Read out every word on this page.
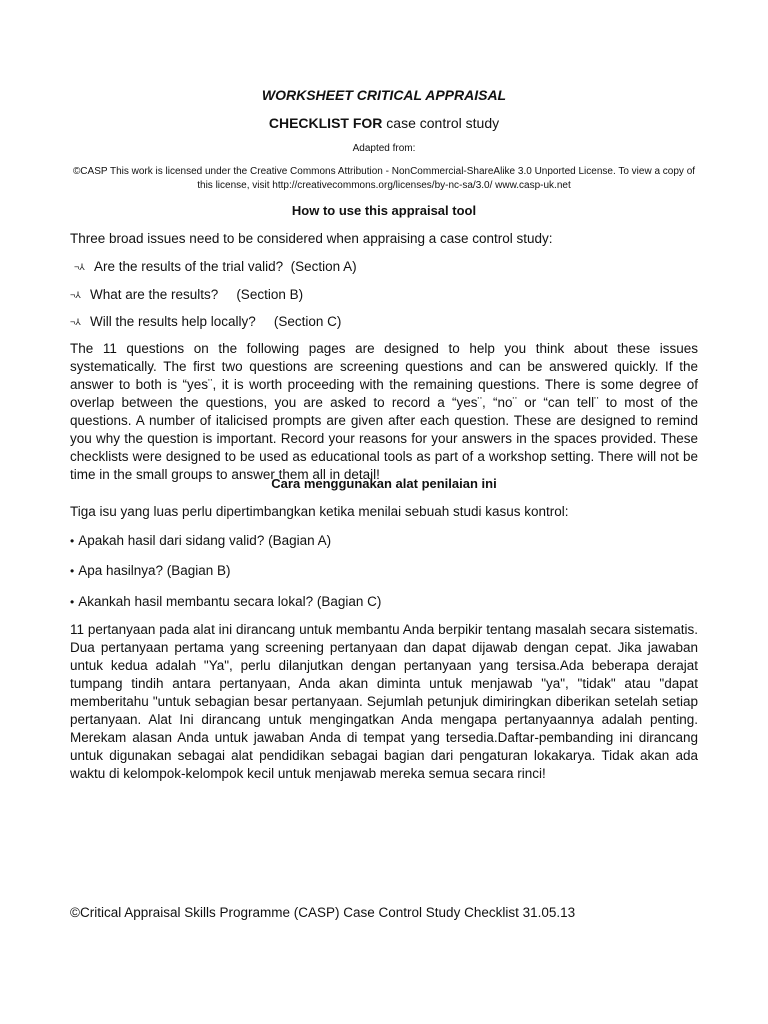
WORKSHEET CRITICAL APPRAISAL
CHECKLIST FOR case control study
Adapted from:
©CASP This work is licensed under the Creative Commons Attribution - NonCommercial-ShareAlike 3.0 Unported License. To view a copy of this license, visit http://creativecommons.org/licenses/by-nc-sa/3.0/ www.casp-uk.net
How to use this appraisal tool
Three broad issues need to be considered when appraising a case control study:
¬⅄ Are the results of the trial valid? (Section A)
¬⅄ What are the results? (Section B)
¬⅄ Will the results help locally? (Section C)
The 11 questions on the following pages are designed to help you think about these issues systematically. The first two questions are screening questions and can be answered quickly. If the answer to both is “yes¨, it is worth proceeding with the remaining questions. There is some degree of overlap between the questions, you are asked to record a “yes¨, “no¨ or “can tell¨ to most of the questions. A number of italicised prompts are given after each question. These are designed to remind you why the question is important. Record your reasons for your answers in the spaces provided. These checklists were designed to be used as educational tools as part of a workshop setting. There will not be time in the small groups to answer them all in detail!
Cara menggunakan alat penilaian ini
Tiga isu yang luas perlu dipertimbangkan ketika menilai sebuah studi kasus kontrol:
• Apakah hasil dari sidang valid? (Bagian A)
• Apa hasilnya? (Bagian B)
• Akankah hasil membantu secara lokal? (Bagian C)
11 pertanyaan pada alat ini dirancang untuk membantu Anda berpikir tentang masalah secara sistematis. Dua pertanyaan pertama yang screening pertanyaan dan dapat dijawab dengan cepat. Jika jawaban untuk kedua adalah "Ya", perlu dilanjutkan dengan pertanyaan yang tersisa.Ada beberapa derajat tumpang tindih antara pertanyaan, Anda akan diminta untuk menjawab "ya", "tidak" atau "dapat memberitahu "untuk sebagian besar pertanyaan. Sejumlah petunjuk dimiringkan diberikan setelah setiap pertanyaan. Alat Ini dirancang untuk mengingatkan Anda mengapa pertanyaannya adalah penting. Merekam alasan Anda untuk jawaban Anda di tempat yang tersedia.Daftar-pembanding ini dirancang untuk digunakan sebagai alat pendidikan sebagai bagian dari pengaturan lokakarya. Tidak akan ada waktu di kelompok-kelompok kecil untuk menjawab mereka semua secara rinci!
©Critical Appraisal Skills Programme (CASP) Case Control Study Checklist 31.05.13
